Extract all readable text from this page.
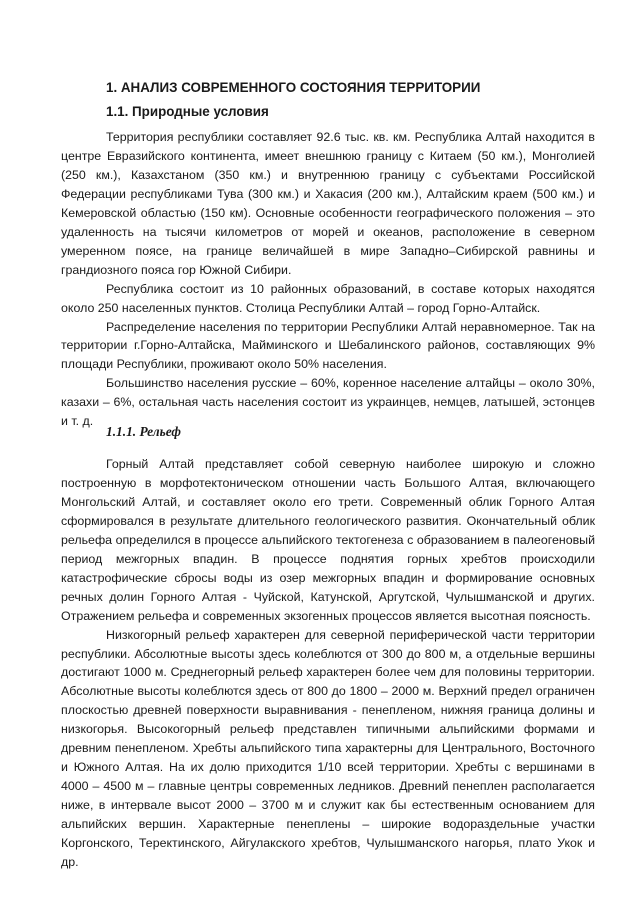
1. АНАЛИЗ СОВРЕМЕННОГО СОСТОЯНИЯ ТЕРРИТОРИИ
1.1. Природные условия

Территория республики составляет 92.6 тыс. кв. км. Республика Алтай находится в центре Евразийского континента, имеет внешнюю границу с Китаем (50 км.), Монголией (250 км.), Казахстаном (350 км.) и внутреннюю границу с субъектами Российской Федерации республиками Тува (300 км.) и Хакасия (200 км.), Алтайским краем (500 км.) и Кемеровской областью (150 км). Основные особенности географического положения – это удаленность на тысячи километров от морей и океанов, расположение в северном умеренном поясе, на границе величайшей в мире Западно–Сибирской равнины и грандиозного пояса гор Южной Сибири.

Республика состоит из 10 районных образований, в составе которых находятся около 250 населенных пунктов. Столица Республики Алтай – город Горно-Алтайск.

Распределение населения по территории Республики Алтай неравномерное. Так на территории г.Горно-Алтайска, Майминского и Шебалинского районов, составляющих 9% площади Республики, проживают около 50% населения.

Большинство населения русские – 60%, коренное население алтайцы – около 30%, казахи – 6%, остальная часть населения состоит из украинцев, немцев, латышей, эстонцев и т. д.

1.1.1. Рельеф

Горный Алтай представляет собой северную наиболее широкую и сложно построенную в морфотектоническом отношении часть Большого Алтая, включающего Монгольский Алтай, и составляет около его трети. Современный облик Горного Алтая сформировался в результате длительного геологического развития. Окончательный облик рельефа определился в процессе альпийского тектогенеза с образованием в палеогеновый период межгорных впадин. В процессе поднятия горных хребтов происходили катастрофические сбросы воды из озер межгорных впадин и формирование основных речных долин Горного Алтая - Чуйской, Катунской, Аргутской, Чулышманской и других. Отражением рельефа и современных экзогенных процессов является высотная поясность.

Низкогорный рельеф характерен для северной периферической части территории республики. Абсолютные высоты здесь колеблются от 300 до 800 м, а отдельные вершины достигают 1000 м. Среднегорный рельеф характерен более чем для половины территории. Абсолютные высоты колеблются здесь от 800 до 1800 – 2000 м. Верхний предел ограничен плоскостью древней поверхности выравнивания - пенепленом, нижняя граница долины и низкогорья. Высокогорный рельеф представлен типичными альпийскими формами и древним пенепленом. Хребты альпийского типа характерны для Центрального, Восточного и Южного Алтая. На их долю приходится 1/10 всей территории. Хребты с вершинами в 4000 – 4500 м – главные центры современных ледников. Древний пенеплен располагается ниже, в интервале высот 2000 – 3700 м и служит как бы естественным основанием для альпийских вершин. Характерные пенеплены – широкие водораздельные участки Коргонского, Теректинского, Айгулакского хребтов, Чулышманского нагорья, плато Укок и др.
